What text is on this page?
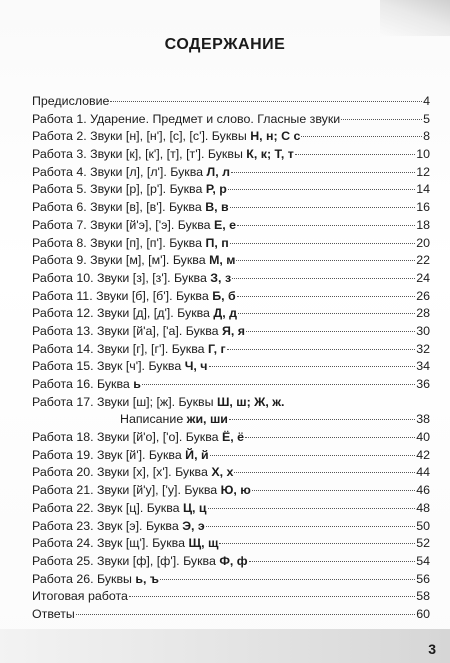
СОДЕРЖАНИЕ
Предисловие	4
Работа 1. Ударение. Предмет и слово. Гласные звуки	5
Работа 2. Звуки [н], [н'], [с], [с']. Буквы Н, н; С с	8
Работа 3. Звуки [к], [к'], [т], [т']. Буквы К, к; Т, т	10
Работа 4. Звуки [л], [л']. Буква Л, л	12
Работа 5. Звуки [р], [р']. Буква Р, р	14
Работа 6. Звуки [в], [в']. Буква В, в	16
Работа 7. Звуки [й'э], ['э]. Буква Е, е	18
Работа 8. Звуки [п], [п']. Буква П, п	20
Работа 9. Звуки [м], [м']. Буква М, м	22
Работа 10. Звуки [з], [з']. Буква З, з	24
Работа 11. Звуки [б], [б']. Буква Б, б	26
Работа 12. Звуки [д], [д']. Буква Д, д	28
Работа 13. Звуки [й'а], ['а]. Буква Я, я	30
Работа 14. Звуки [г], [г']. Буква Г, г	32
Работа 15. Звук [ч']. Буква Ч, ч	34
Работа 16. Буква ь	36
Работа 17. Звуки [ш]; [ж]. Буквы Ш, ш; Ж, ж.
Написание жи, ши	38
Работа 18. Звуки [й'о], ['о]. Буква Ё, ё	40
Работа 19. Звук [й']. Буква Й, й	42
Работа 20. Звуки [х], [х']. Буква Х, х	44
Работа 21. Звуки [й'у], ['у]. Буква Ю, ю	46
Работа 22. Звук [ц]. Буква Ц, ц	48
Работа 23. Звук [э]. Буква Э, э	50
Работа 24. Звук [щ']. Буква Щ, щ	52
Работа 25. Звуки [ф], [ф']. Буква Ф, ф	54
Работа 26. Буквы ь, ъ	56
Итоговая работа	58
Ответы	60
3
